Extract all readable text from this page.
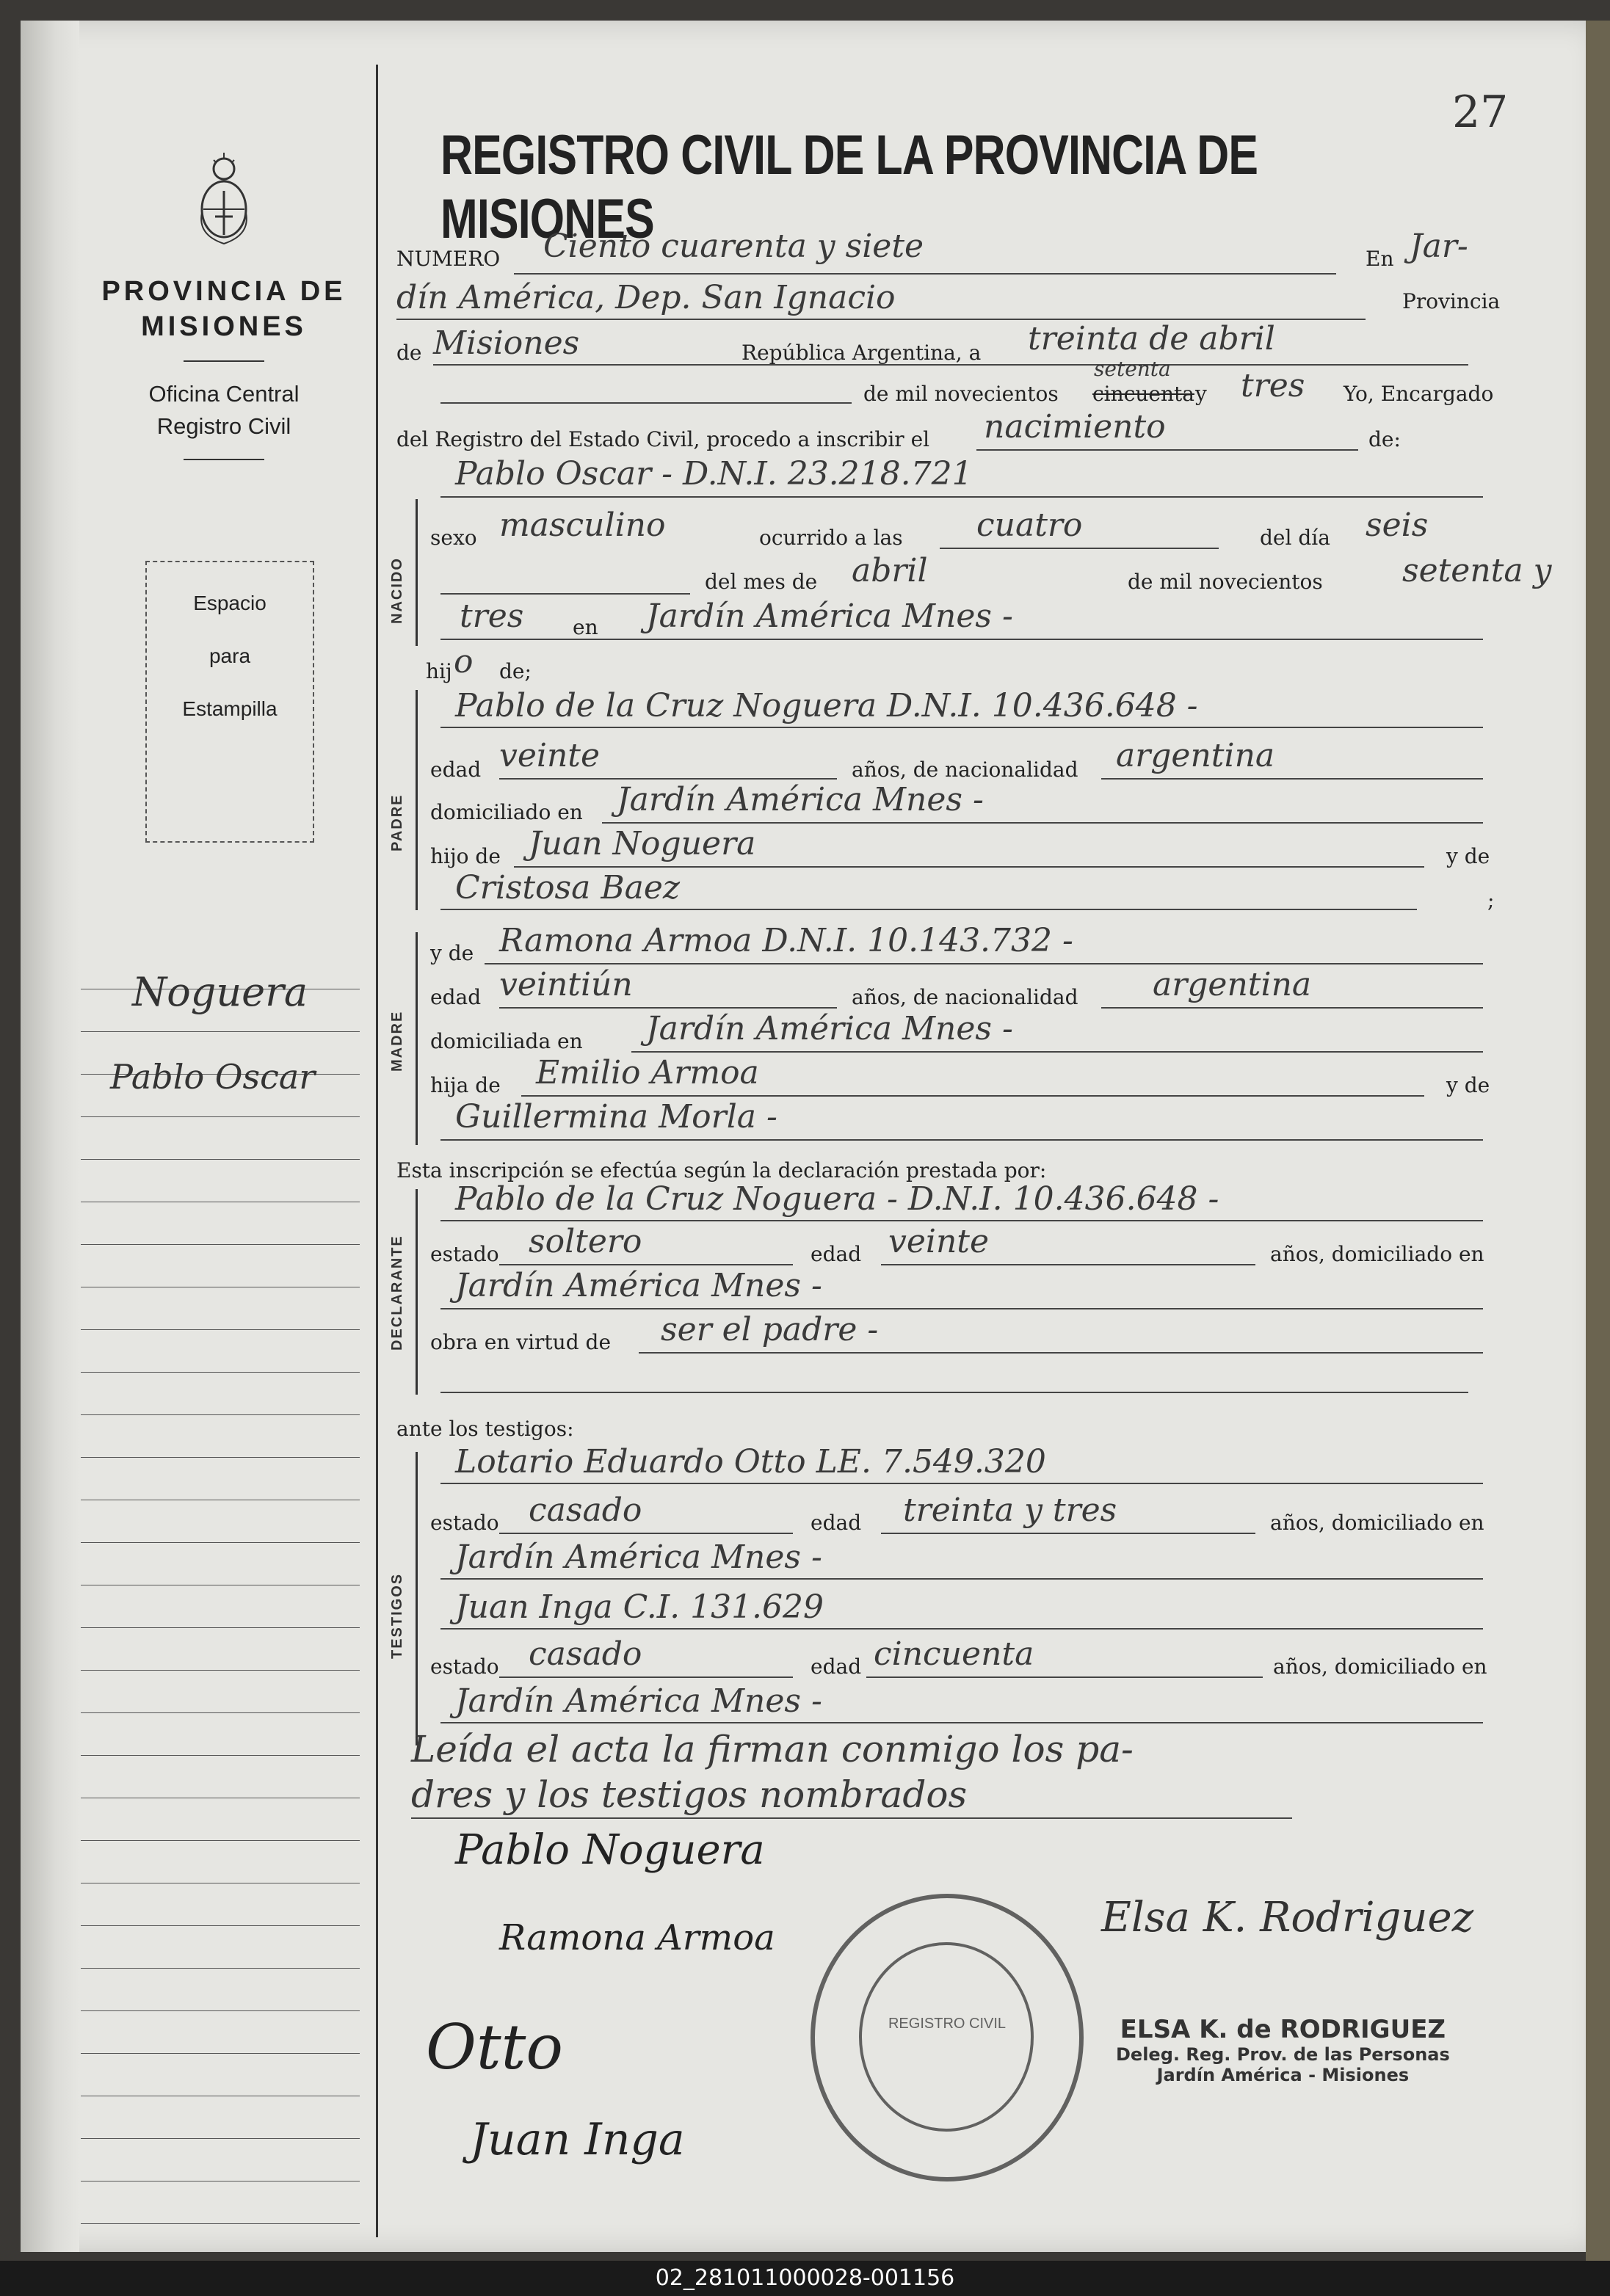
27
REGISTRO CIVIL DE LA PROVINCIA DE MISIONES
PROVINCIA DE MISIONES
Oficina Central
Registro Civil
Espacio
para
Estampilla
Noguera
Pablo Oscar
NUMERO Ciento cuarenta y siete	En Jar-
dín América, Dep. San Ignacio	Provincia
de Misiones	República Argentina, a treinta de abril
de mil novecientos cincuenta
setenta
y tres Yo, Encargado
del Registro del Estado Civil, procedo a inscribir el nacimiento	de:
Pablo Oscar - D.N.I. 23.218.721
NACIDO
sexo masculino	ocurrido a las cuatro	del día seis
del mes de abril	de mil novecientos setenta y
tres en Jardín América Mnes -
hij o de;
PADRE
Pablo de la Cruz Noguera D.N.I. 10.436.648 -
edad veinte	años, de nacionalidad argentina
domiciliado en Jardín América Mnes -
hijo de Juan Noguera	y de
Cristosa Baez	;
MADRE
y de Ramona Armoa D.N.I. 10.143.732 -
edad veintiún	años, de nacionalidad argentina
domiciliada en Jardín América Mnes -
hija de Emilio Armoa	y de
Guillermina Morla -
Esta inscripción se efectúa según la declaración prestada por:
DECLARANTE
Pablo de la Cruz Noguera - D.N.I. 10.436.648 -
estado soltero	edad veinte	años, domiciliado en
Jardín América Mnes -
obra en virtud de ser el padre -
ante los testigos:
TESTIGOS
Lotario Eduardo Otto LE. 7.549.320
estado casado	edad treinta y tres	años, domiciliado en
Jardín América Mnes -
Juan Inga C.I. 131.629
estado casado	edad cincuenta	años, domiciliado en
Jardín América Mnes -
Leída el acta la firman conmigo los pa-
dres y los testigos nombrados
Pablo Noguera
Ramona Armoa
Otto
Juan Inga
Elsa K. Rodriguez
REGISTRO CIVIL	ELSA K. de RODRIGUEZ
Deleg. Reg. Prov. de las Personas
Jardín América - Misiones
02_281011000028-001156
